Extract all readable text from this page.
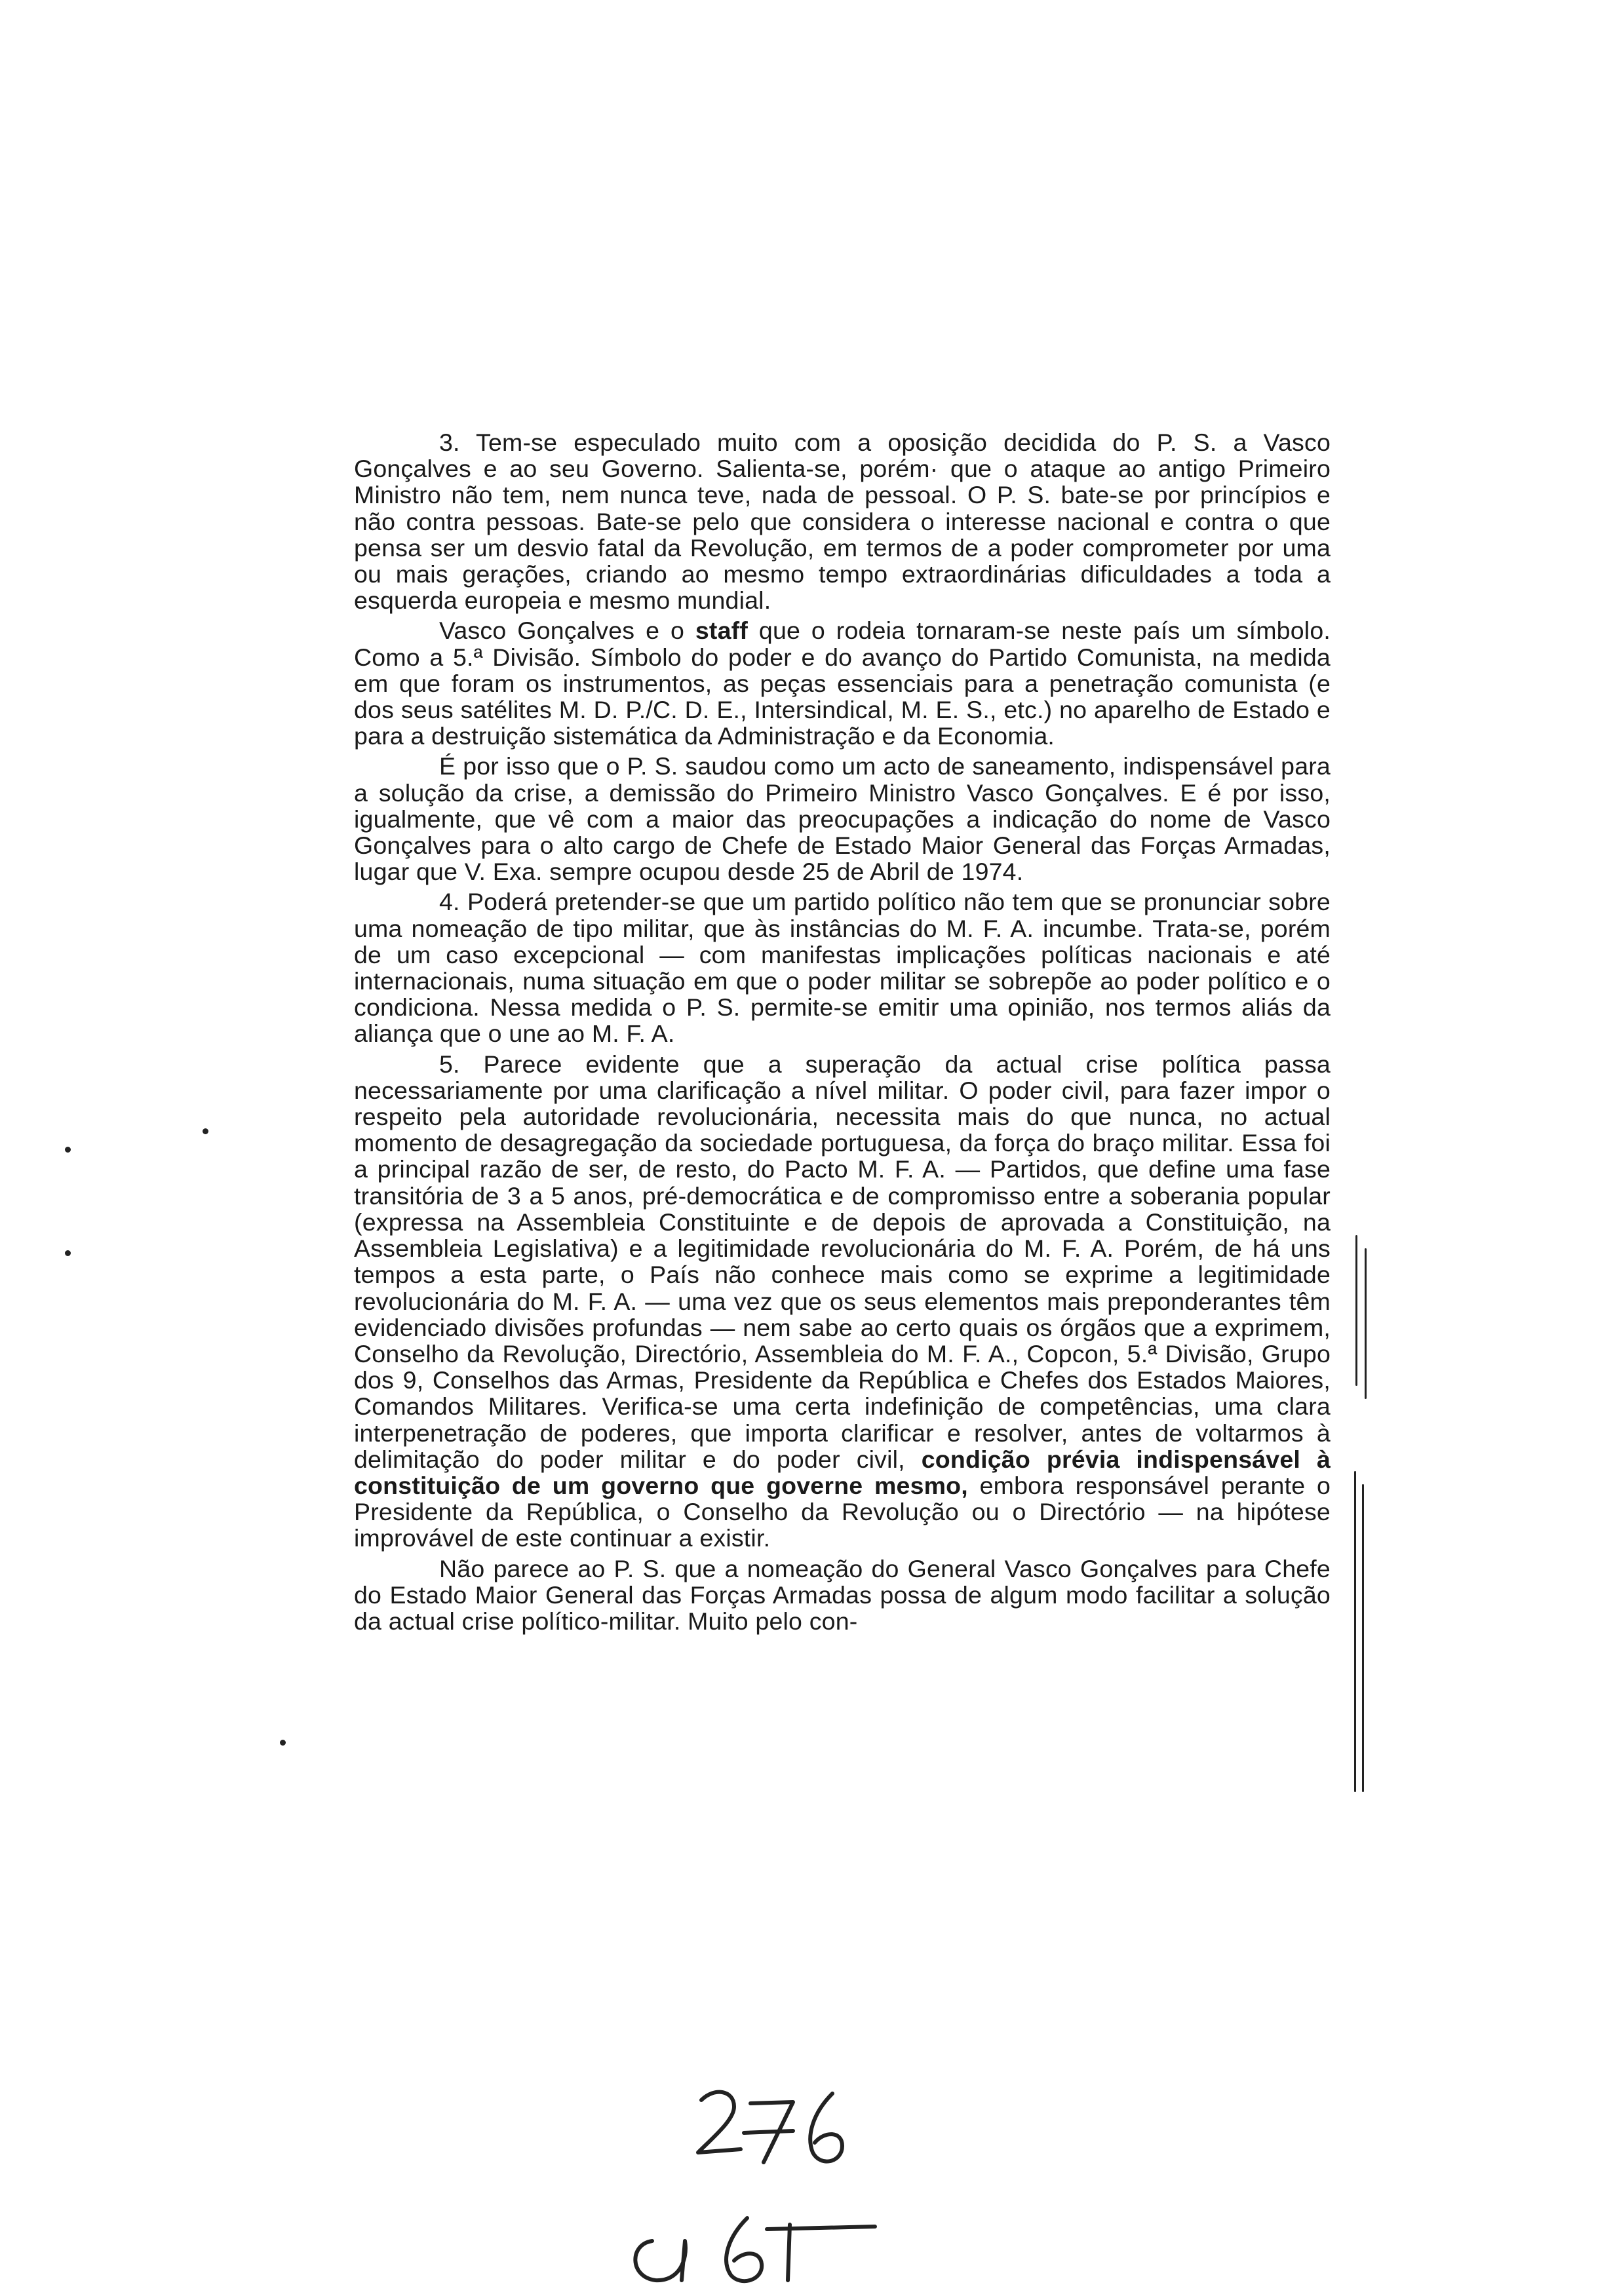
3. Tem-se especulado muito com a oposição decidida do P. S. a Vasco Gonçalves e ao seu Governo. Salienta-se, porém· que o ataque ao antigo Primeiro Ministro não tem, nem nunca teve, nada de pessoal. O P. S. bate-se por princípios e não contra pessoas. Bate-se pelo que considera o interesse nacional e contra o que pensa ser um desvio fatal da Revolução, em termos de a poder comprometer por uma ou mais gerações, criando ao mesmo tempo extraordinárias dificuldades a toda a esquerda europeia e mesmo mundial.

Vasco Gonçalves e o staff que o rodeia tornaram-se neste país um símbolo. Como a 5.ª Divisão. Símbolo do poder e do avanço do Partido Comunista, na medida em que foram os instrumentos, as peças essenciais para a penetração comunista (e dos seus satélites M. D. P./C. D. E., Intersindical, M. E. S., etc.) no aparelho de Estado e para a destruição sistemática da Administração e da Economia.

É por isso que o P. S. saudou como um acto de saneamento, indispensável para a solução da crise, a demissão do Primeiro Ministro Vasco Gonçalves. E é por isso, igualmente, que vê com a maior das preocupações a indicação do nome de Vasco Gonçalves para o alto cargo de Chefe de Estado Maior General das Forças Armadas, lugar que V. Exa. sempre ocupou desde 25 de Abril de 1974.

4. Poderá pretender-se que um partido político não tem que se pronunciar sobre uma nomeação de tipo militar, que às instâncias do M. F. A. incumbe. Trata-se, porém de um caso excepcional — com manifestas implicações políticas nacionais e até internacionais, numa situação em que o poder militar se sobrepõe ao poder político e o condiciona. Nessa medida o P. S. permite-se emitir uma opinião, nos termos aliás da aliança que o une ao M. F. A.

5. Parece evidente que a superação da actual crise política passa necessariamente por uma clarificação a nível militar. O poder civil, para fazer impor o respeito pela autoridade revolucionária, necessita mais do que nunca, no actual momento de desagregação da sociedade portuguesa, da força do braço militar. Essa foi a principal razão de ser, de resto, do Pacto M. F. A. — Partidos, que define uma fase transitória de 3 a 5 anos, pré-democrática e de compromisso entre a soberania popular (expressa na Assembleia Constituinte e de depois de aprovada a Constituição, na Assembleia Legislativa) e a legitimidade revolucionária do M. F. A. Porém, de há uns tempos a esta parte, o País não conhece mais como se exprime a legitimidade revolucionária do M. F. A. — uma vez que os seus elementos mais preponderantes têm evidenciado divisões profundas — nem sabe ao certo quais os órgãos que a exprimem, Conselho da Revolução, Directório, Assembleia do M. F. A., Copcon, 5.ª Divisão, Grupo dos 9, Conselhos das Armas, Presidente da República e Chefes dos Estados Maiores, Comandos Militares. Verifica-se uma certa indefinição de competências, uma clara interpenetração de poderes, que importa clarificar e resolver, antes de voltarmos à delimitação do poder militar e do poder civil, condição prévia indispensável à constituição de um governo que governe mesmo, embora responsável perante o Presidente da República, o Conselho da Revolução ou o Directório — na hipótese improvável de este continuar a existir.

Não parece ao P. S. que a nomeação do General Vasco Gonçalves para Chefe do Estado Maior General das Forças Armadas possa de algum modo facilitar a solução da actual crise político-militar. Muito pelo con-
